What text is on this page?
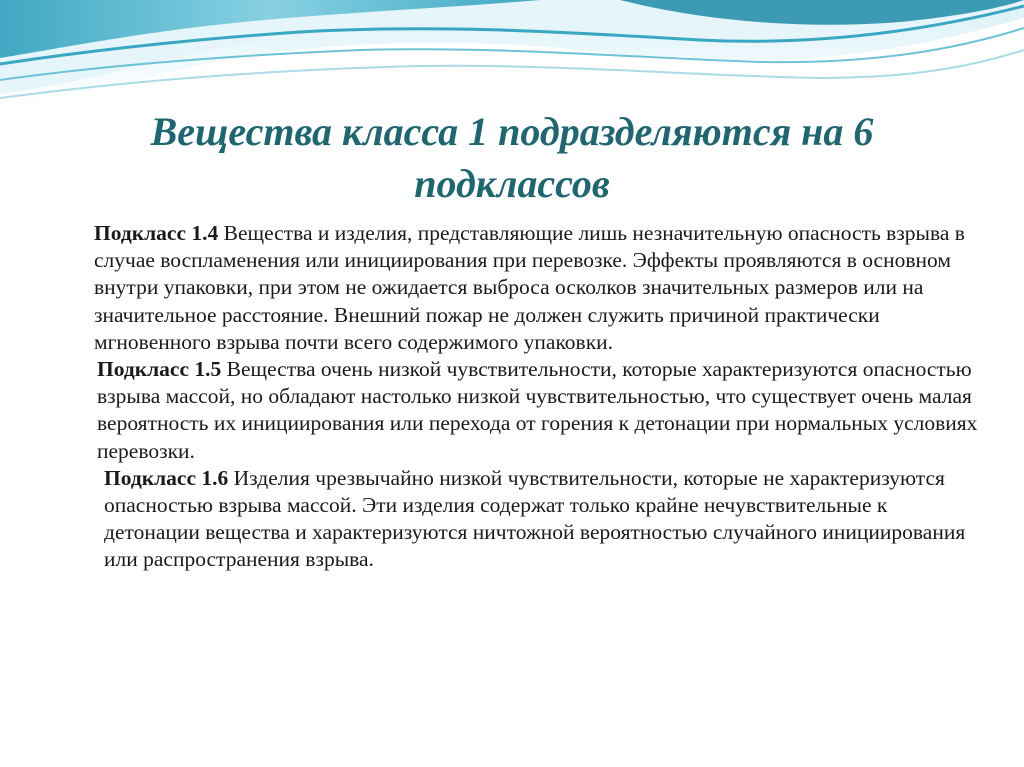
Вещества класса 1 подразделяются на 6 подклассов

Подкласс 1.4 Вещества и изделия, представляющие лишь незначительную опасность взрыва в случае воспламенения или инициирования при перевозке. Эффекты проявляются в основном внутри упаковки, при этом не ожидается выброса осколков значительных размеров или на значительное расстояние. Внешний пожар не должен служить причиной практически мгновенного взрыва почти всего содержимого упаковки.

Подкласс 1.5 Вещества очень низкой чувствительности, которые характеризуются опасностью взрыва массой, но обладают настолько низкой чувствительностью, что существует очень малая вероятность их инициирования или перехода от горения к детонации при нормальных условиях перевозки.

Подкласс 1.6 Изделия чрезвычайно низкой чувствительности, которые не характеризуются опасностью взрыва массой. Эти изделия содержат только крайне нечувствительные к детонации вещества и характеризуются ничтожной вероятностью случайного инициирования или распространения взрыва.
